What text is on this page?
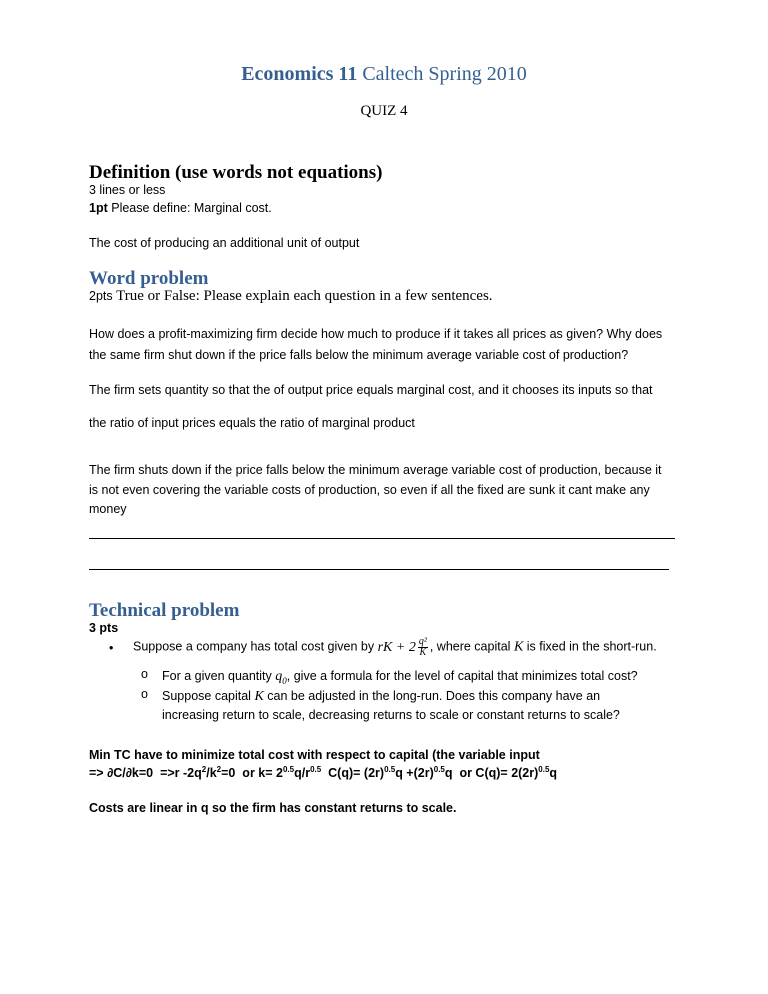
Economics 11 Caltech Spring 2010
QUIZ 4
Definition (use words not equations)
3 lines or less
1pt Please define: Marginal cost.
The cost of producing an additional unit of output
Word problem
2pts True or False: Please explain each question in a few sentences.
How does a profit-maximizing firm decide how much to produce if it takes all prices as given? Why does
the same firm shut down if the price falls below the minimum average variable cost of production?
The firm sets quantity so that the of output price equals marginal cost, and it chooses its inputs so that
the ratio of input prices equals the ratio of marginal product
The firm shuts down if the price falls below the minimum average variable cost of production, because it
is not even covering the variable costs of production, so even if all the fixed are sunk it cant make any
money
Technical problem
3 pts
• Suppose a company has total cost given by rK + $2 \frac{\text{q²}}{K}$ , where capital K is fixed in the short-run.
o For a given quantity $q_0$, give a formula for the level of capital that minimizes total cost?
o Suppose capital K can be adjusted in the long-run. Does this company have an
increasing return to scale, decreasing returns to scale or constant returns to scale?
Min TC have to minimize total cost with respect to capital (the variable input
=> ∂C/∂k=0  =>r $-2q^2/k^2=0$  or $k= 2^{0.5}q/r^{0.5}$  $C(q)= (2r)^{0.5}q +(2r)^{0.5}q$  or $C(q)= 2(2r)^{0.5}q$
Costs are linear in q so the firm has constant returns to scale.
